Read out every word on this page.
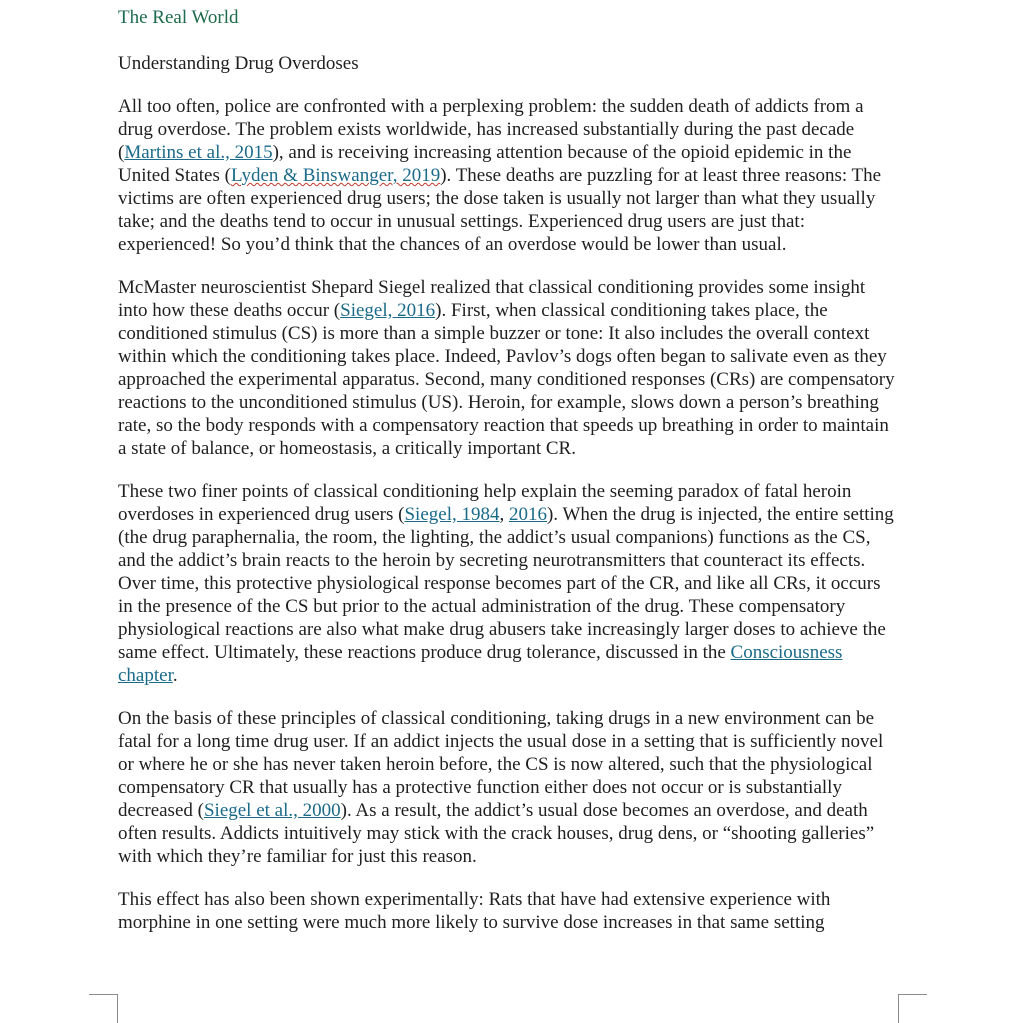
The Real World
Understanding Drug Overdoses

All too often, police are confronted with a perplexing problem: the sudden death of addicts from a drug overdose. The problem exists worldwide, has increased substantially during the past decade (Martins et al., 2015), and is receiving increasing attention because of the opioid epidemic in the United States (Lyden & Binswanger, 2019). These deaths are puzzling for at least three reasons: The victims are often experienced drug users; the dose taken is usually not larger than what they usually take; and the deaths tend to occur in unusual settings. Experienced drug users are just that: experienced! So you’d think that the chances of an overdose would be lower than usual.

McMaster neuroscientist Shepard Siegel realized that classical conditioning provides some insight into how these deaths occur (Siegel, 2016). First, when classical conditioning takes place, the conditioned stimulus (CS) is more than a simple buzzer or tone: It also includes the overall context within which the conditioning takes place. Indeed, Pavlov’s dogs often began to salivate even as they approached the experimental apparatus. Second, many conditioned responses (CRs) are compensatory reactions to the unconditioned stimulus (US). Heroin, for example, slows down a person’s breathing rate, so the body responds with a compensatory reaction that speeds up breathing in order to maintain a state of balance, or homeostasis, a critically important CR.

These two finer points of classical conditioning help explain the seeming paradox of fatal heroin overdoses in experienced drug users (Siegel, 1984, 2016). When the drug is injected, the entire setting (the drug paraphernalia, the room, the lighting, the addict’s usual companions) functions as the CS, and the addict’s brain reacts to the heroin by secreting neurotransmitters that counteract its effects. Over time, this protective physiological response becomes part of the CR, and like all CRs, it occurs in the presence of the CS but prior to the actual administration of the drug. These compensatory physiological reactions are also what make drug abusers take increasingly larger doses to achieve the same effect. Ultimately, these reactions produce drug tolerance, discussed in the Consciousness chapter.

On the basis of these principles of classical conditioning, taking drugs in a new environment can be fatal for a long time drug user. If an addict injects the usual dose in a setting that is sufficiently novel or where he or she has never taken heroin before, the CS is now altered, such that the physiological compensatory CR that usually has a protective function either does not occur or is substantially decreased (Siegel et al., 2000). As a result, the addict’s usual dose becomes an overdose, and death often results. Addicts intuitively may stick with the crack houses, drug dens, or “shooting galleries” with which they’re familiar for just this reason.

This effect has also been shown experimentally: Rats that have had extensive experience with morphine in one setting were much more likely to survive dose increases in that same setting
